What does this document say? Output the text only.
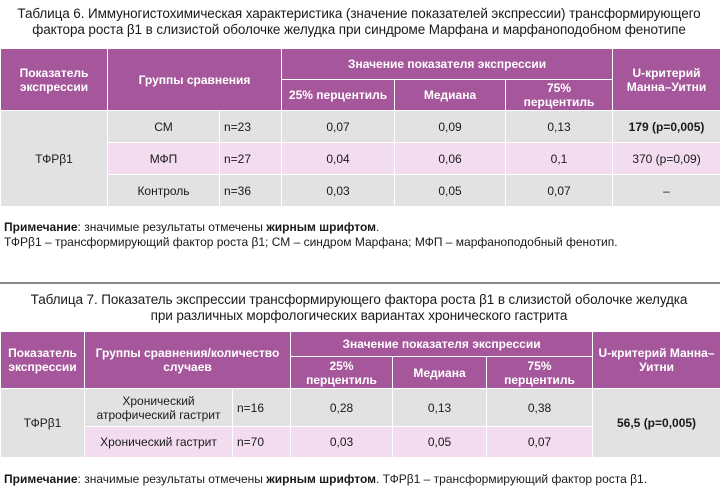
Таблица 6. Иммуногистохимическая характеристика (значение показателей экспрессии) трансформирующего
фактора роста β1 в слизистой оболочке желудка при синдроме Марфана и марфаноподобном фенотипе
Показатель экспрессии	Группы сравнения		Значение показателя экспрессии			U-критерий Манна–Уитни
			25% перцентиль	Медиана	75% перцентиль	
ТФРβ1	СМ	n=23	0,07	0,09	0,13	179 (p=0,005)
	МФП	n=27	0,04	0,06	0,1	370 (p=0,09)
	Контроль	n=36	0,03	0,05	0,07	–
Примечание: значимые результаты отмечены жирным шрифтом.
ТФРβ1 – трансформирующий фактор роста β1; СМ – синдром Марфана; МФП – марфаноподобный фенотип.
Таблица 7. Показатель экспрессии трансформирующего фактора роста β1 в слизистой оболочке желудка
при различных морфологических вариантах хронического гастрита
Показатель экспрессии	Группы сравнения/количество случаев		Значение показателя экспрессии			U-критерий Манна–Уитни
			25% перцентиль	Медиана	75% перцентиль	
ТФРβ1	Хронический атрофический гастрит	n=16	0,28	0,13	0,38	56,5 (p=0,005)
	Хронический гастрит	n=70	0,03	0,05	0,07	
Примечание: значимые результаты отмечены жирным шрифтом. ТФРβ1 – трансформирующий фактор роста β1.
